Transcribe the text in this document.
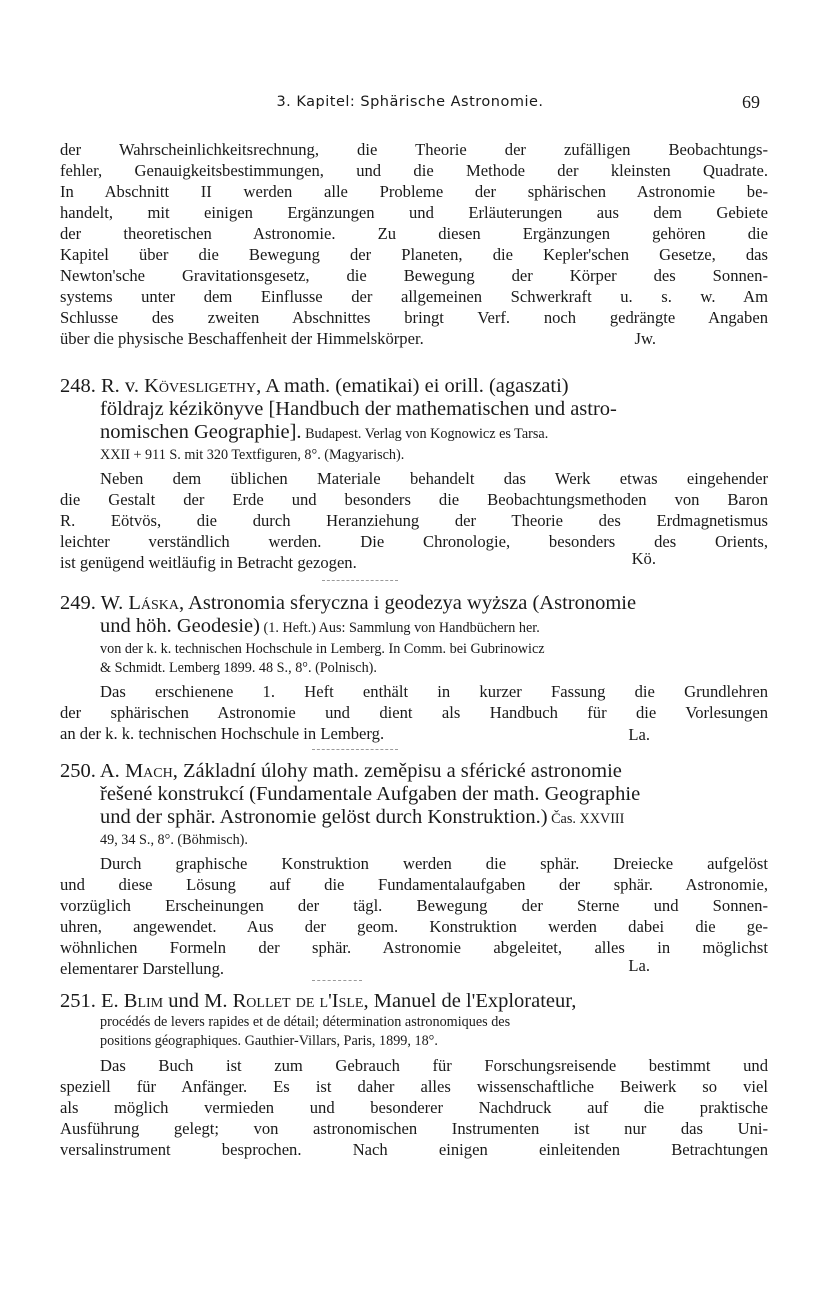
3. Kapitel: Sphärische Astronomie.	69
der Wahrscheinlichkeitsrechnung, die Theorie der zufälligen Beobachtungs-
fehler, Genauigkeitsbestimmungen, und die Methode der kleinsten Quadrate.
In Abschnitt II werden alle Probleme der sphärischen Astronomie be-
handelt, mit einigen Ergänzungen und Erläuterungen aus dem Gebiete
der theoretischen Astronomie. Zu diesen Ergänzungen gehören die
Kapitel über die Bewegung der Planeten, die Kepler'schen Gesetze, das
Newton'sche Gravitationsgesetz, die Bewegung der Körper des Sonnen-
systems unter dem Einflusse der allgemeinen Schwerkraft u. s. w. Am
Schlusse des zweiten Abschnittes bringt Verf. noch gedrängte Angaben
über die physische Beschaffenheit der Himmelskörper.	Jw.
248. R. v. Kövesligethy, A math. (ematikai) ei orill. (agaszati)
földrajz kézikönyve [Handbuch der mathematischen und astro-
nomischen Geographie]. Budapest. Verlag von Kognowicz es Tarsa.
XXII + 911 S. mit 320 Textfiguren, 8°. (Magyarisch).
Neben dem üblichen Materiale behandelt das Werk etwas eingehender
die Gestalt der Erde und besonders die Beobachtungsmethoden von Baron
R. Eötvös, die durch Heranziehung der Theorie des Erdmagnetismus
leichter verständlich werden. Die Chronologie, besonders des Orients,
ist genügend weitläufig in Betracht gezogen.	Kö.
249. W. Láska, Astronomia sferyczna i geodezya wyższa (Astronomie
und höh. Geodesie) (1. Heft.) Aus: Sammlung von Handbüchern her.
von der k. k. technischen Hochschule in Lemberg. In Comm. bei Gubrinowicz
& Schmidt. Lemberg 1899. 48 S., 8°. (Polnisch).
Das erschienene 1. Heft enthält in kurzer Fassung die Grundlehren
der sphärischen Astronomie und dient als Handbuch für die Vorlesungen
an der k. k. technischen Hochschule in Lemberg.	La.
250. A. Mach, Základní úlohy math. zeměpisu a sférické astronomie
řešené konstrukcí (Fundamentale Aufgaben der math. Geographie
und der sphär. Astronomie gelöst durch Konstruktion.) Čas. XXVIII
49, 34 S., 8°. (Böhmisch).
Durch graphische Konstruktion werden die sphär. Dreiecke aufgelöst
und diese Lösung auf die Fundamentalaufgaben der sphär. Astronomie,
vorzüglich Erscheinungen der tägl. Bewegung der Sterne und Sonnen-
uhren, angewendet. Aus der geom. Konstruktion werden dabei die ge-
wöhnlichen Formeln der sphär. Astronomie abgeleitet, alles in möglichst
elementarer Darstellung.	La.
251. E. Blim und M. Rollet de l'Isle, Manuel de l'Explorateur,
procédés de levers rapides et de détail; détermination astronomiques des
positions géographiques. Gauthier-Villars, Paris, 1899, 18°.
Das Buch ist zum Gebrauch für Forschungsreisende bestimmt und
speziell für Anfänger. Es ist daher alles wissenschaftliche Beiwerk so viel
als möglich vermieden und besonderer Nachdruck auf die praktische
Ausführung gelegt; von astronomischen Instrumenten ist nur das Uni-
versalinstrument besprochen. Nach einigen einleitenden Betrachtungen
